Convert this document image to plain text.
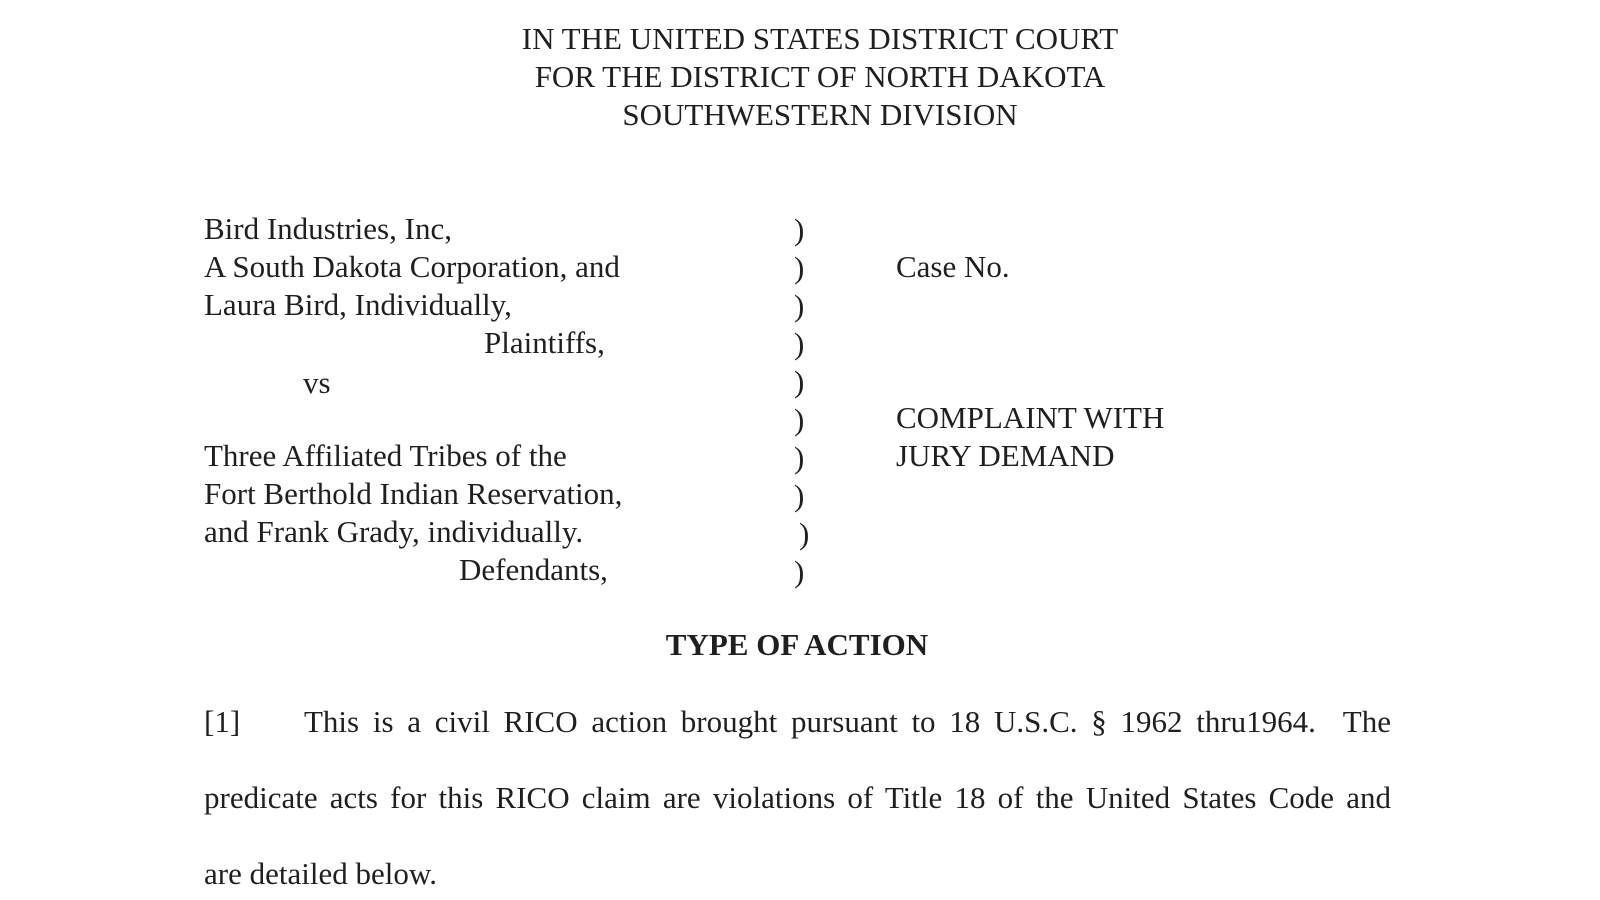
IN THE UNITED STATES DISTRICT COURT
FOR THE DISTRICT OF NORTH DAKOTA
SOUTHWESTERN DIVISION
Bird Industries, Inc,
A South Dakota Corporation, and
Laura Bird, Individually,
Plaintiffs,
vs
Three Affiliated Tribes of the
Fort Berthold Indian Reservation,
and Frank Grady, individually.
Defendants,
)
)
)
)
)
)
)
)
)
)
Case No.
COMPLAINT WITH
JURY DEMAND
TYPE OF ACTION
[1] This is a civil RICO action brought pursuant to 18 U.S.C. § 1962 thru1964.  The
predicate acts for this RICO claim are violations of Title 18 of the United States Code and
are detailed below.
